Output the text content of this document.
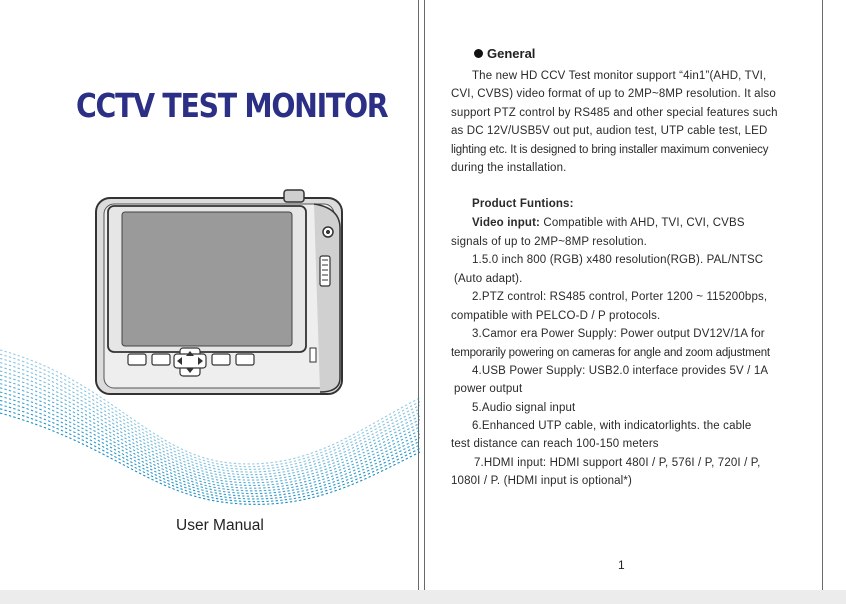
CCTV TEST MONITOR
User Manual
General
The new HD CCV Test monitor support “4in1”(AHD, TVI,
CVI, CVBS) video format of up to 2MP~8MP resolution. It also
support PTZ control by RS485 and other special features such
as DC 12V/USB5V out put, audion test, UTP cable test, LED
lighting etc. It is designed to bring installer maximum conveniecy
during the installation.
Product Funtions:
Video input: Compatible with AHD, TVI, CVI, CVBS
signals of up to 2MP~8MP resolution.
1.5.0 inch 800 (RGB) x480 resolution(RGB). PAL/NTSC
(Auto adapt).
2.PTZ control: RS485 control, Porter 1200 ~ 115200bps,
compatible with PELCO-D / P protocols.
3.Camor era Power Supply: Power output DV12V/1A for
temporarily powering on cameras for angle and zoom adjustment
4.USB Power Supply: USB2.0 interface provides 5V / 1A
power output
5.Audio signal input
6.Enhanced UTP cable, with indicatorlights. the cable
test distance can reach 100-150 meters
7.HDMI input: HDMI support 480I / P, 576I / P, 720I / P,
1080I / P. (HDMI input is optional*)
1
